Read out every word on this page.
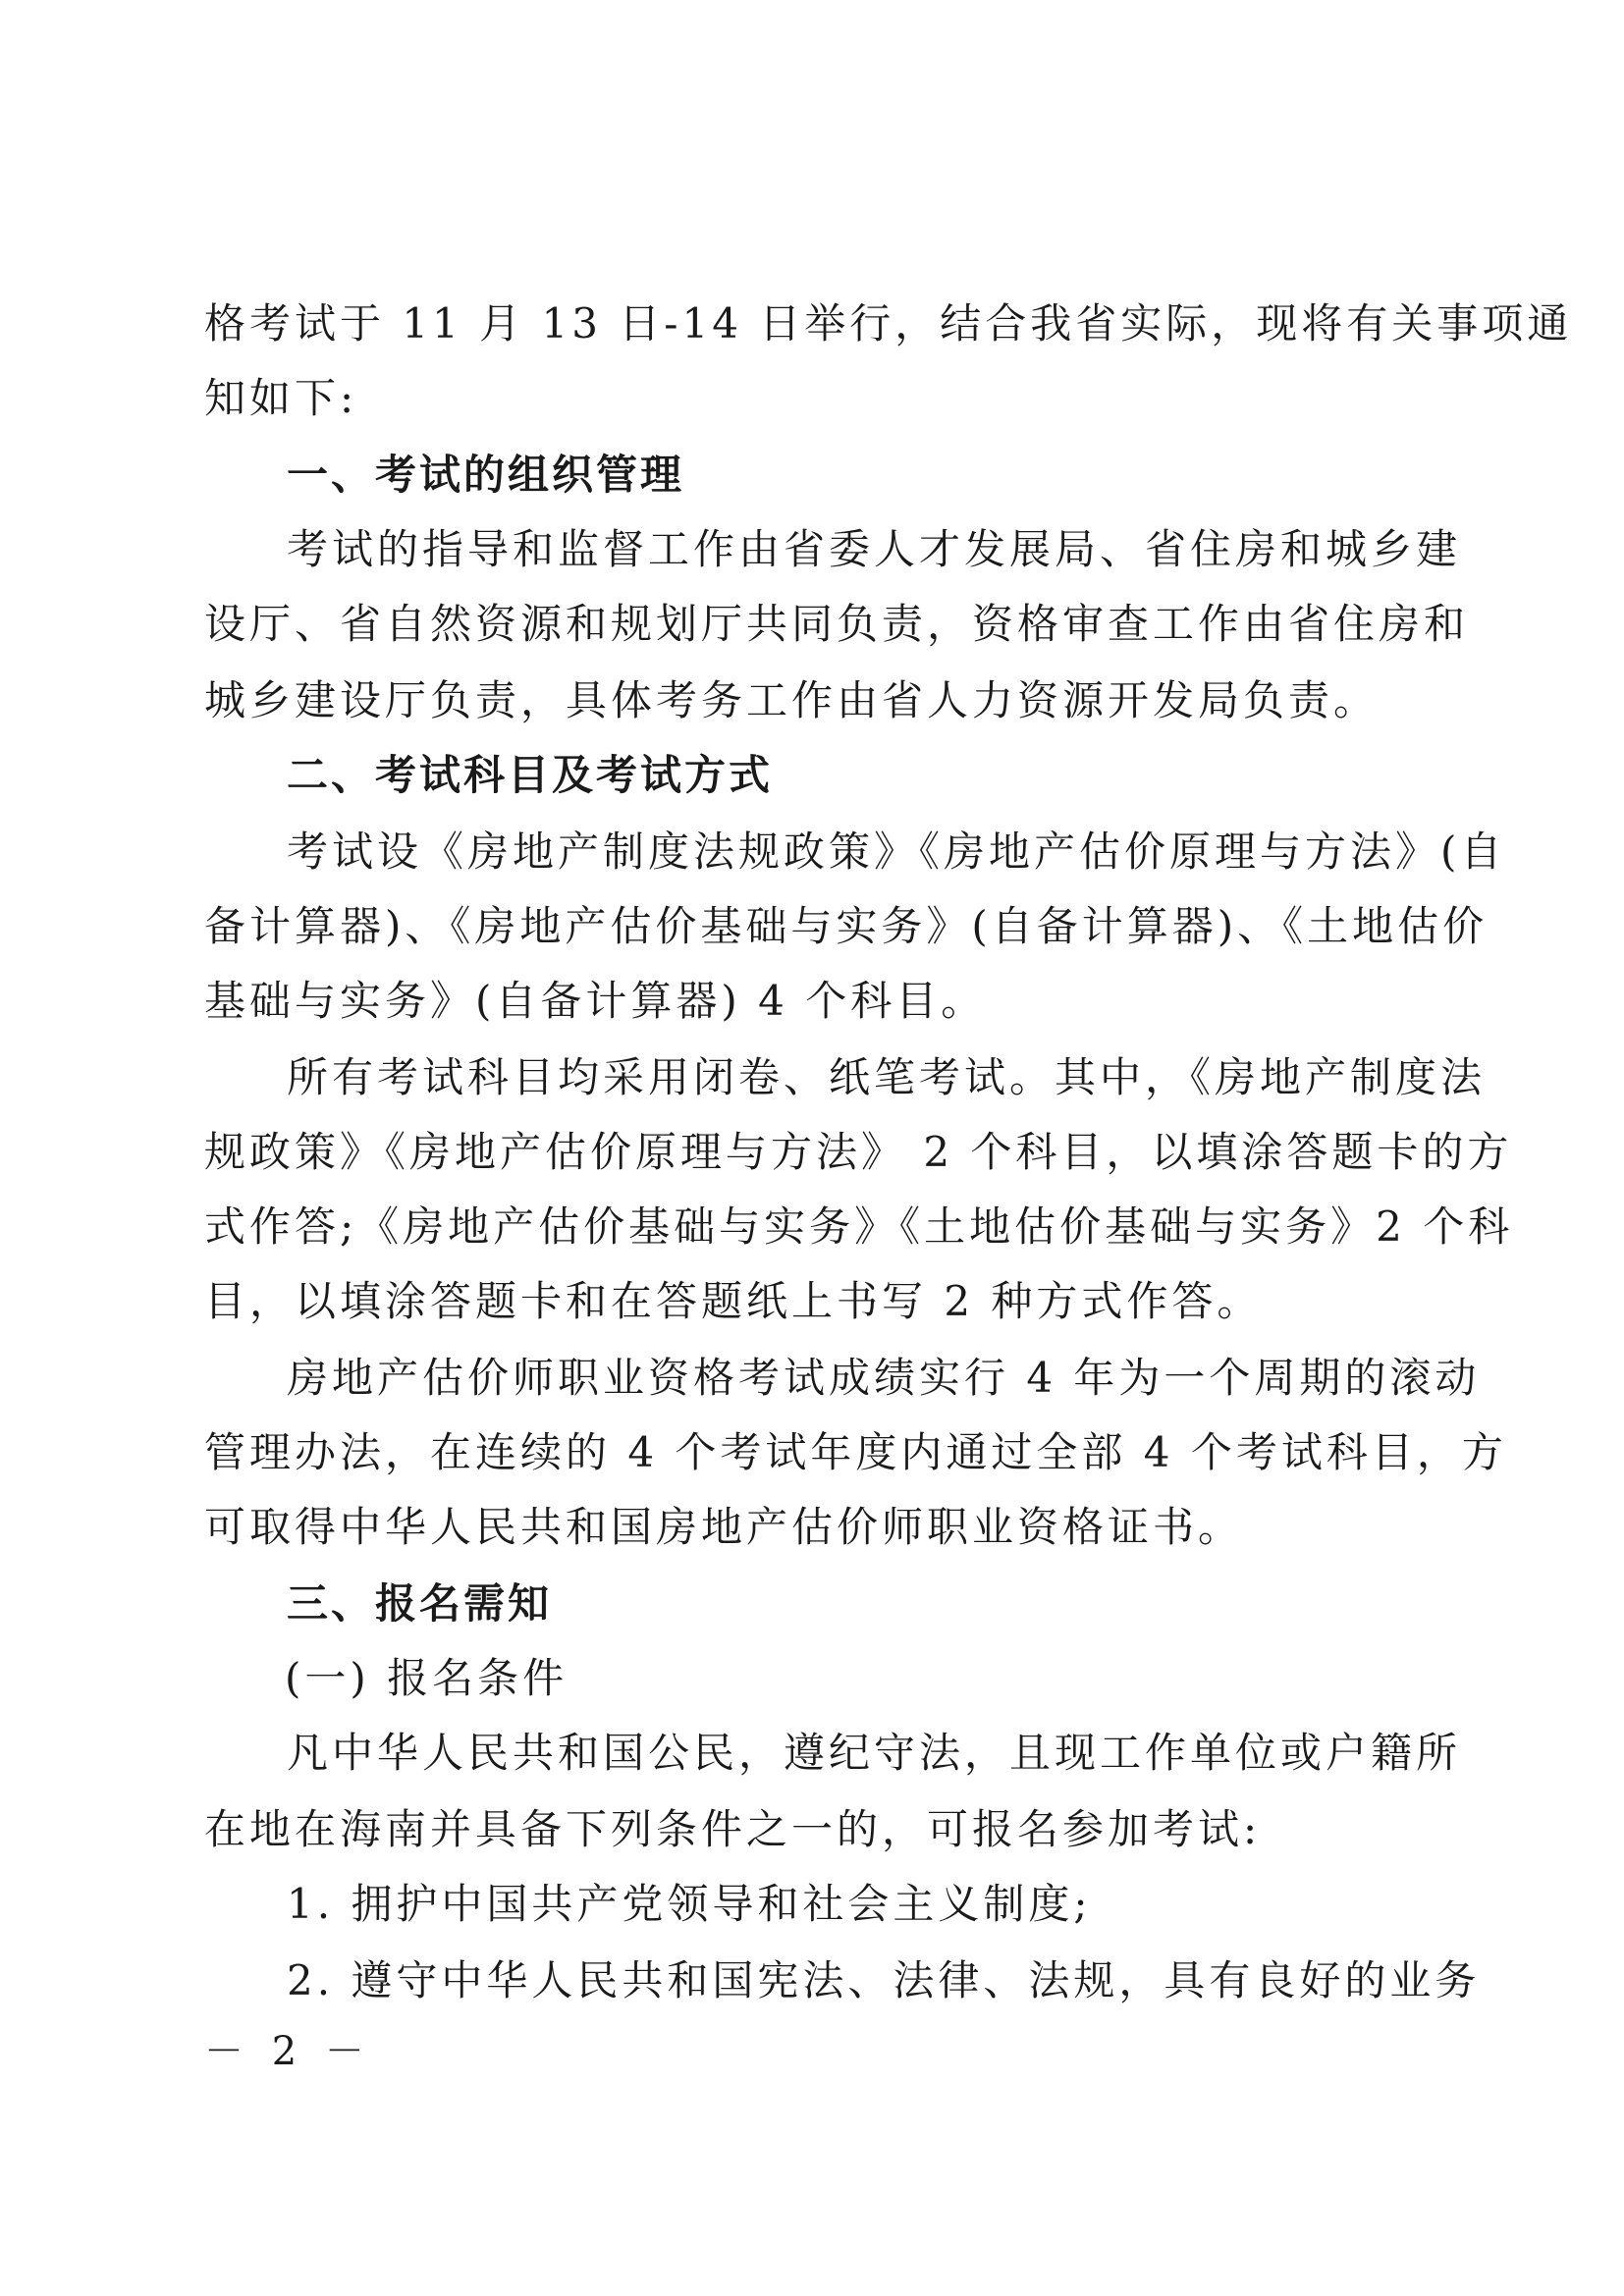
格考试于 11 月 13 日-14 日举行，结合我省实际，现将有关事项通
知如下:
一、考试的组织管理
考试的指导和监督工作由省委人才发展局、省住房和城乡建
设厅、省自然资源和规划厅共同负责，资格审查工作由省住房和
城乡建设厅负责，具体考务工作由省人力资源开发局负责。
二、考试科目及考试方式
考试设《房地产制度法规政策》《房地产估价原理与方法》(自
备计算器)、《房地产估价基础与实务》(自备计算器)、《土地估价
基础与实务》(自备计算器) 4 个科目。
所有考试科目均采用闭卷、纸笔考试。其中，《房地产制度法
规政策》《房地产估价原理与方法》 2 个科目，以填涂答题卡的方
式作答;《房地产估价基础与实务》《土地估价基础与实务》2 个科
目，以填涂答题卡和在答题纸上书写 2 种方式作答。
房地产估价师职业资格考试成绩实行 4 年为一个周期的滚动
管理办法，在连续的 4 个考试年度内通过全部 4 个考试科目，方
可取得中华人民共和国房地产估价师职业资格证书。
三、报名需知
(一) 报名条件
凡中华人民共和国公民，遵纪守法，且现工作单位或户籍所
在地在海南并具备下列条件之一的，可报名参加考试:
1. 拥护中国共产党领导和社会主义制度;
2. 遵守中华人民共和国宪法、法律、法规，具有良好的业务
－ 2 －
